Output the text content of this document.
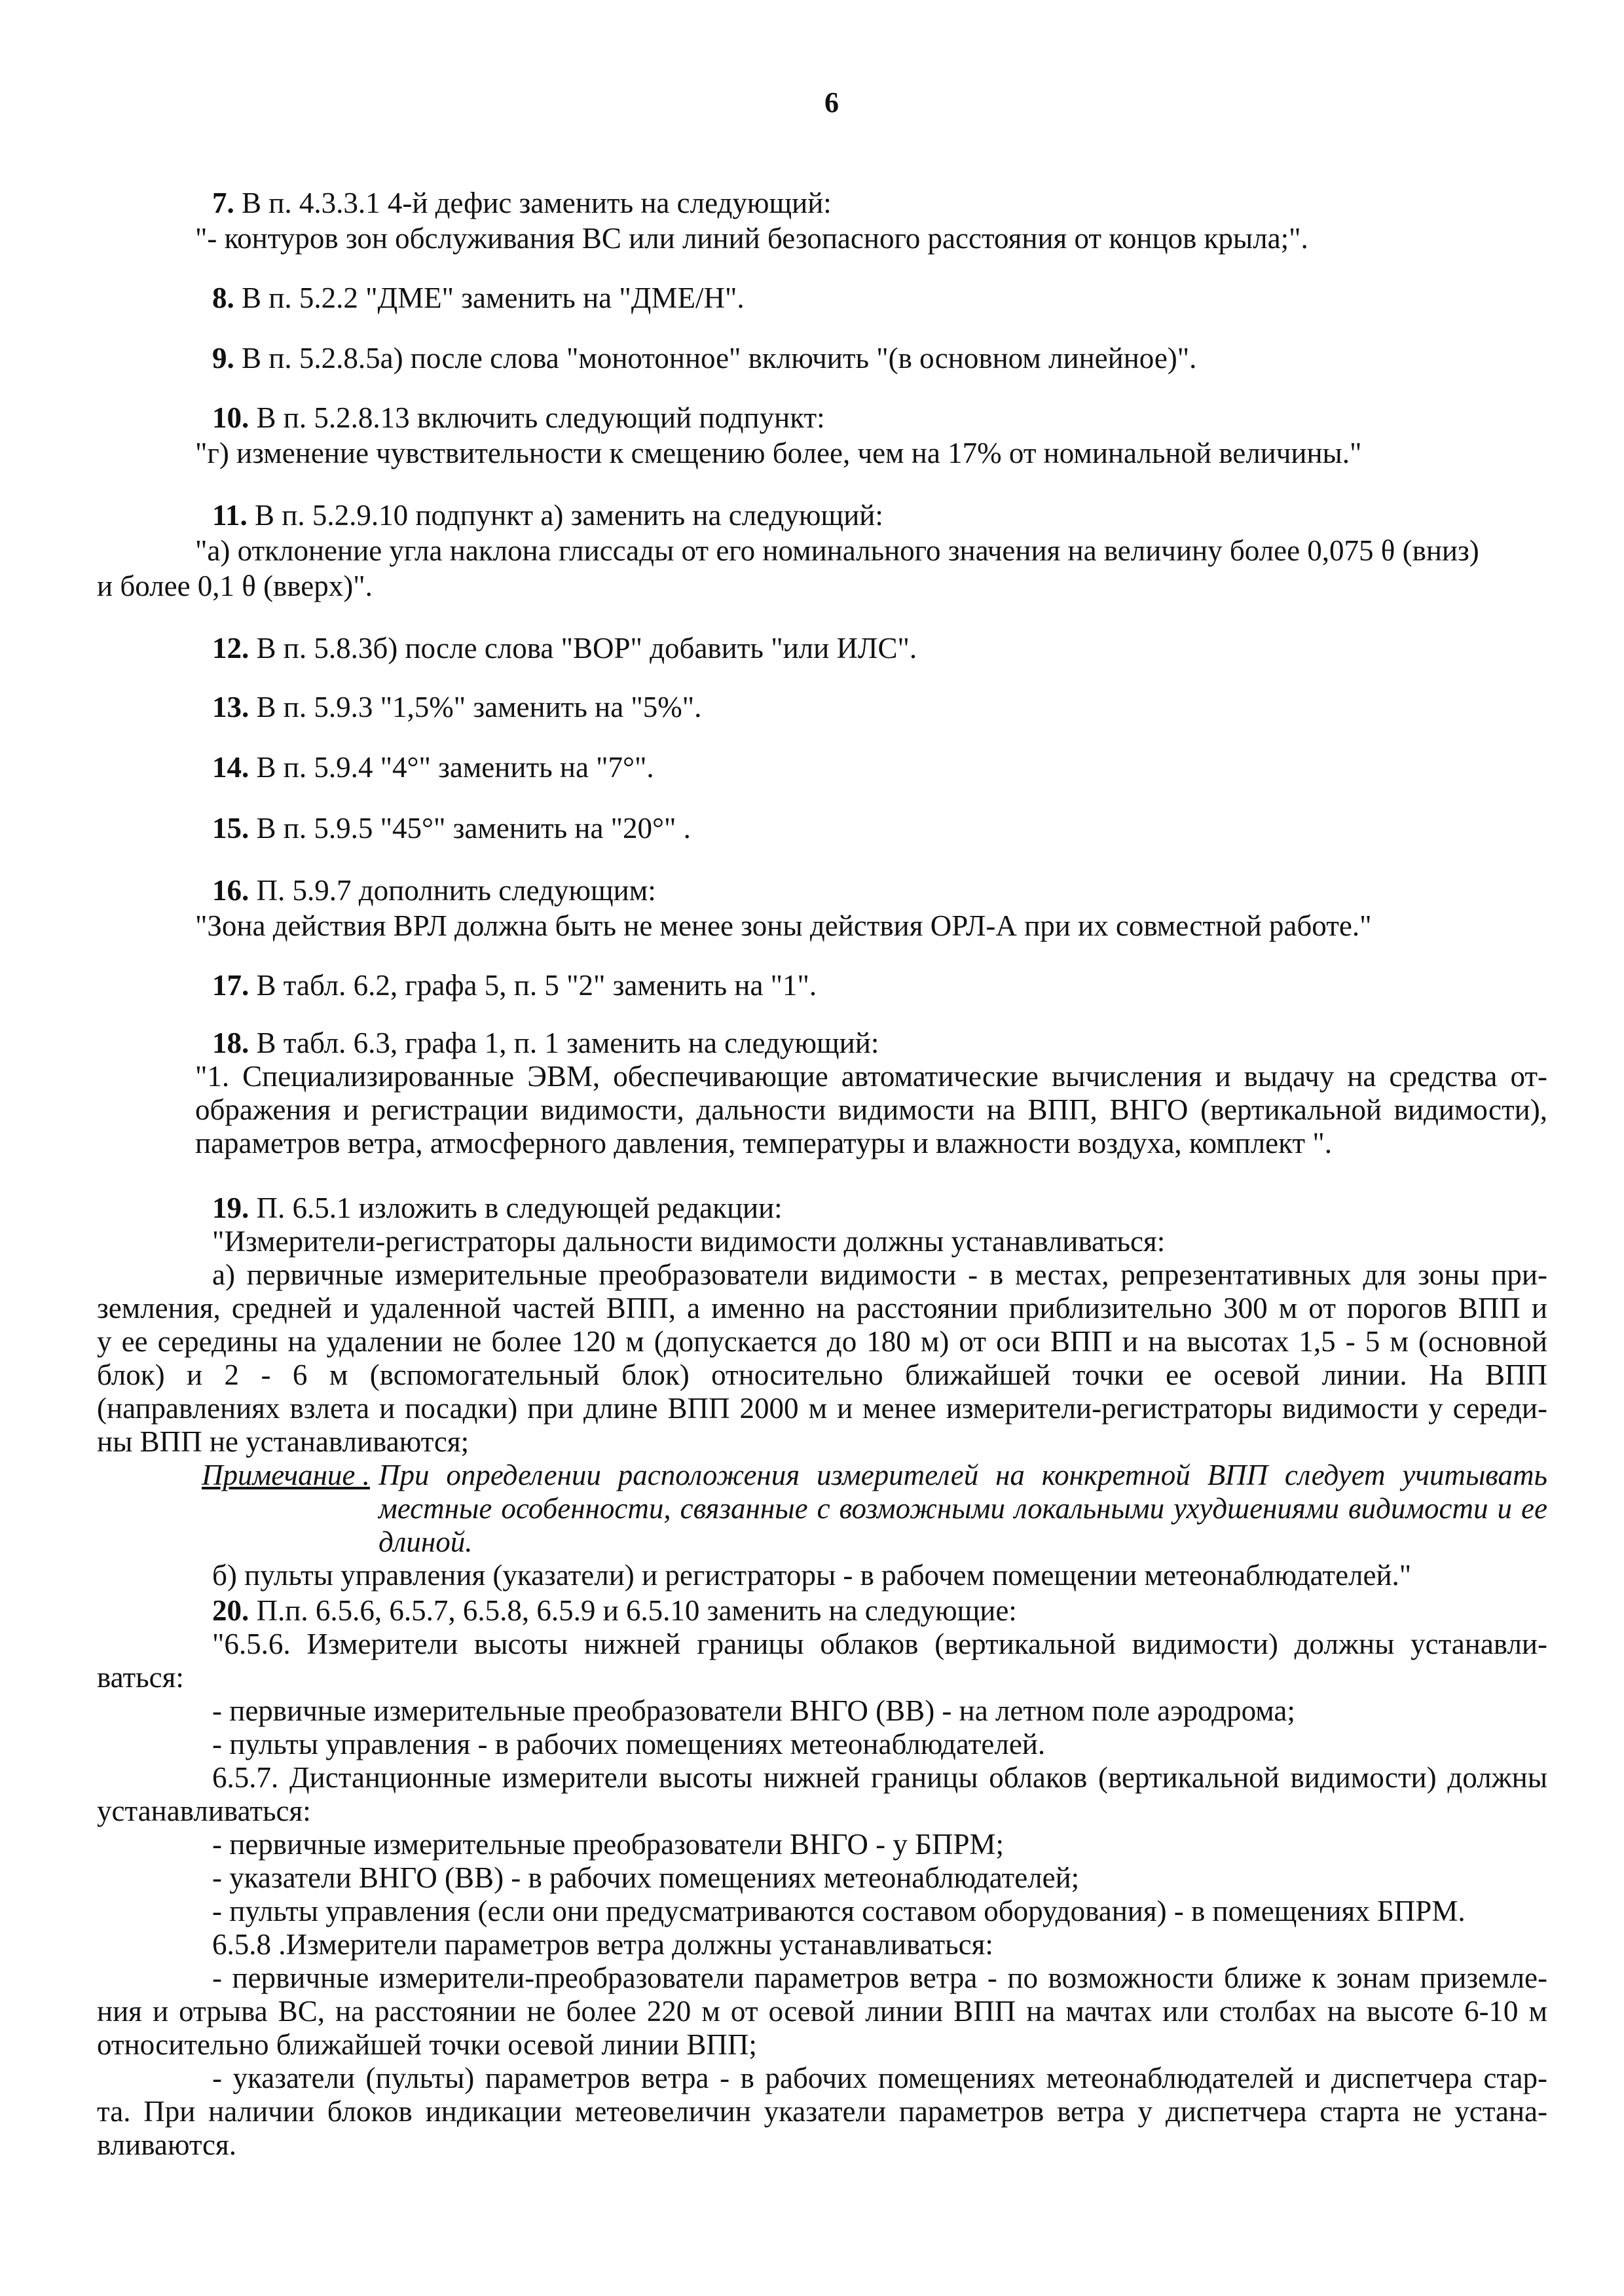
6

7. В п. 4.3.3.1 4-й дефис заменить на следующий:

"- контуров зон обслуживания ВС или линий безопасного расстояния от концов крыла;".

8. В п. 5.2.2 "ДМЕ" заменить на "ДМЕ/Н".

9. В п. 5.2.8.5а) после слова "монотонное" включить "(в основном линейное)".

10. В п. 5.2.8.13 включить следующий подпункт:

"г) изменение чувствительности к смещению более, чем на 17% от номинальной величины."

11. В п. 5.2.9.10 подпункт а) заменить на следующий:

"а) отклонение угла наклона глиссады от его номинального значения на величину более 0,075 θ (вниз)

и более 0,1 θ (вверх)".

12. В п. 5.8.3б) после слова "ВОР" добавить "или ИЛС".

13. В п. 5.9.3 "1,5%" заменить на "5%".

14. В п. 5.9.4 "4°" заменить на "7°".

15. В п. 5.9.5 "45°" заменить на "20°" .

16. П. 5.9.7 дополнить следующим:

"Зона действия ВРЛ должна быть не менее зоны действия ОРЛ-А при их совместной работе."

17. В табл. 6.2, графа 5, п. 5 "2" заменить на "1".

18. В табл. 6.3, графа 1, п. 1 заменить на следующий:

"1. Специализированные ЭВМ, обеспечивающие автоматические вычисления и выдачу на средства от-

ображения и регистрации видимости, дальности видимости на ВПП, ВНГО (вертикальной видимости),

параметров ветра, атмосферного давления, температуры и влажности воздуха, комплект ".

19. П. 6.5.1 изложить в следующей редакции:

"Измерители-регистраторы дальности видимости должны устанавливаться:

а) первичные измерительные преобразователи видимости - в местах, репрезентативных для зоны при-

земления, средней и удаленной частей ВПП, а именно на расстоянии приблизительно 300 м от порогов ВПП и

у ее середины на удалении не более 120 м (допускается до 180 м) от оси ВПП и на высотах 1,5 - 5 м (основной

блок) и 2 - 6 м (вспомогательный блок) относительно ближайшей точки ее осевой линии. На ВПП

(направлениях взлета и посадки) при длине ВПП 2000 м и менее измерители-регистраторы видимости у середи-

ны ВПП не устанавливаются;

Примечание . При определении расположения измерителей на конкретной ВПП следует учитывать

местные особенности, связанные с возможными локальными ухудшениями видимости и ее

длиной.

б) пульты управления (указатели) и регистраторы - в рабочем помещении метеонаблюдателей."

20. П.п. 6.5.6, 6.5.7, 6.5.8, 6.5.9 и 6.5.10 заменить на следующие:

"6.5.6. Измерители высоты нижней границы облаков (вертикальной видимости) должны устанавли-

ваться:

- первичные измерительные преобразователи ВНГО (ВВ) - на летном поле аэродрома;

- пульты управления - в рабочих помещениях метеонаблюдателей.

6.5.7. Дистанционные измерители высоты нижней границы облаков (вертикальной видимости) должны

устанавливаться:

- первичные измерительные преобразователи ВНГО - у БПРМ;

- указатели ВНГО (ВВ) - в рабочих помещениях метеонаблюдателей;

- пульты управления (если они предусматриваются составом оборудования) - в помещениях БПРМ.

6.5.8 .Измерители параметров ветра должны устанавливаться:

- первичные измерители-преобразователи параметров ветра - по возможности ближе к зонам приземле-

ния и отрыва ВС, на расстоянии не более 220 м от осевой линии ВПП на мачтах или столбах на высоте 6-10 м

относительно ближайшей точки осевой линии ВПП;

- указатели (пульты) параметров ветра - в рабочих помещениях метеонаблюдателей и диспетчера стар-

та. При наличии блоков индикации метеовеличин указатели параметров ветра у диспетчера старта не устана-

вливаются.
